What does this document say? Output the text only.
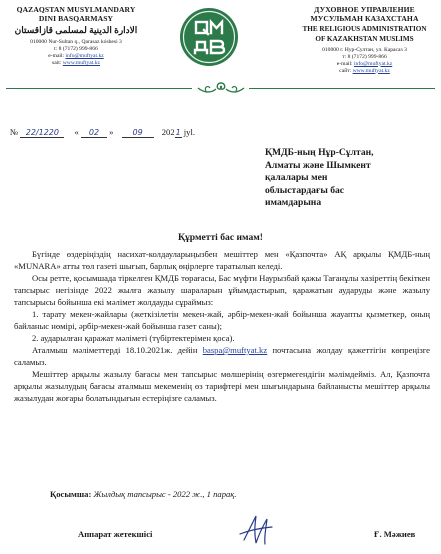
QAZAQSTAN MUSYLMANDARY
DINI BASQARMASY
الادارة الدينية لمسلمى قازاقستان
010000 Nur-Sultan q., Qarasaz kóshesi 3
t: 8 (7172) 999-866
e-mail: info@muftyat.kz
sait: www.muftyat.kz
ДУХОВНОЕ УПРАВЛЕНИЕ
МУСУЛЬМАН КАЗАХСТАНА
THE RELIGIOUS ADMINISTRATION
OF KAZAKHSTAN MUSLIMS
010000 г. Нур-Султан, ул. Карасаз 3
т: 8 (7172) 999-866
e-mail: info@muftyat.kz
сайт: www.muftyat.kz
№ 22/1220 « 02 » 09 2021 jyl.
ҚМДБ-ның Нұр-Сұлтан,
Алматы және Шымкент
қалалары мен
облыстардағы бас
имамдарына
Құрметті бас имам!

Бүгінде өздеріңіздің насихат-колдауларыңызбен мешіттер мен «Қазпочта» АҚ арқылы ҚМДБ-ның «MUNARA» атты төл газеті шығып, барлық өңірлерге таратылып келеді.

Осы ретте, қосымшада тіркелген ҚМДБ төрағасы, Бас мүфти Наурызбай қажы Тағанұлы хазіреттің бекіткен тапсырыс негізінде 2022 жылға жазылу шараларын ұйымдастырып, қаражатын аударуды және жазылу тапсырысы бойынша екі мәлімет жолдауды сұраймыз:

1. тарату мекен-жайлары (жеткізілетін мекен-жай, әрбір-мекен-жай бойынша жауапты қызметкер, оның байланыс нөмірі, әрбір-мекен-жай бойынша газет саны);

2. аударылған қаражат мәліметі (түбіртектерімен қоса).

Аталмыш мәліметтерді 18.10.2021ж. дейін baspa@muftyat.kz почтасына жолдау қажеттігін көпреңізге саламыз.

Мешіттер арқылы жазылу бағасы мен тапсырыс мөлшерінің өзгермегендігін мәлімдейміз. Ал, Қазпочта арқылы жазылудың бағасы аталмыш мекеменің өз тарифтері мен шығындарына байланысты мешіттер арқылы жазылудан жоғары болатындығын естеріңізге саламыз.

Қосымша: Жылдық тапсырыс - 2022 ж., 1 парақ.
Аппарат жетекшісі	Ғ. Мәжиев
